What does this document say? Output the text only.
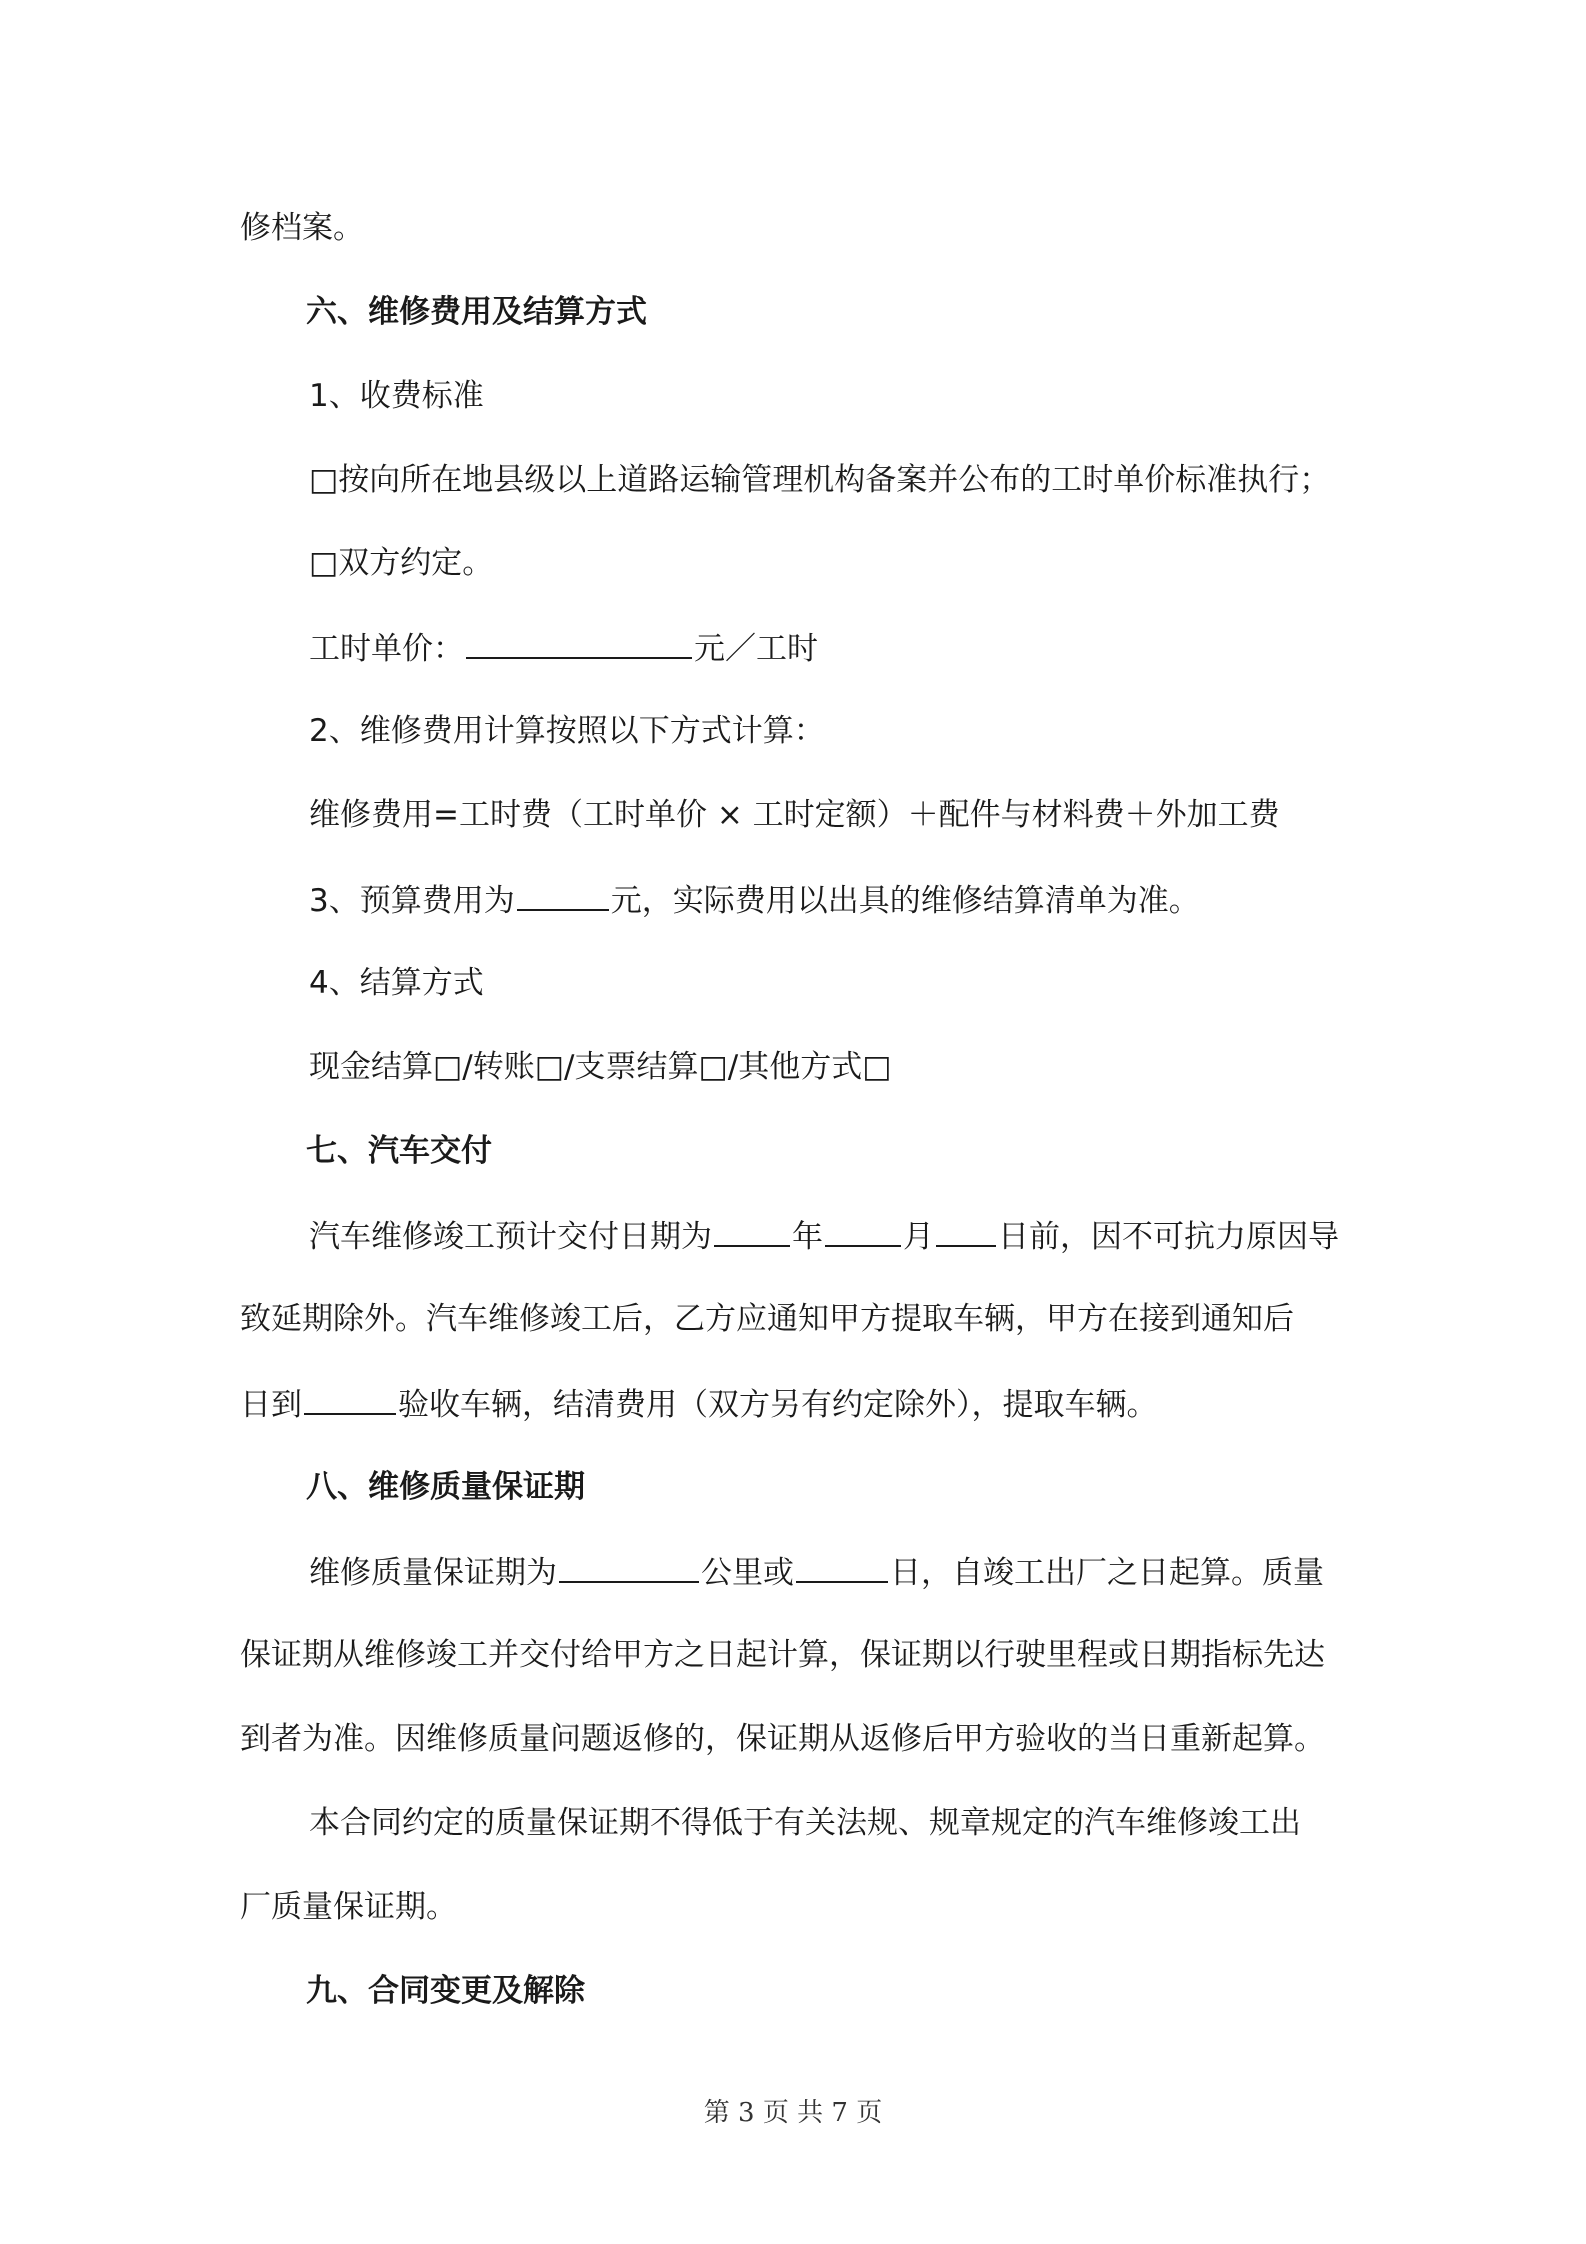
修档案。
六、维修费用及结算方式
1、收费标准
□按向所在地县级以上道路运输管理机构备案并公布的工时单价标准执行；
□双方约定。
工时单价：	元／工时
2、维修费用计算按照以下方式计算：
维修费用=工时费（工时单价 × 工时定额）＋配件与材料费＋外加工费
3、预算费用为	元，实际费用以出具的维修结算清单为准。
4、结算方式
现金结算□/转账□/支票结算□/其他方式□
七、汽车交付
汽车维修竣工预计交付日期为	年	月 日前，因不可抗力原因导
致延期除外。汽车维修竣工后，乙方应通知甲方提取车辆，甲方在接到通知后
日到	验收车辆，结清费用（双方另有约定除外），提取车辆。
八、维修质量保证期
维修质量保证期为	公里或	日，自竣工出厂之日起算。质量
保证期从维修竣工并交付给甲方之日起计算，保证期以行驶里程或日期指标先达
到者为准。因维修质量问题返修的，保证期从返修后甲方验收的当日重新起算。
本合同约定的质量保证期不得低于有关法规、规章规定的汽车维修竣工出
厂质量保证期。
九、合同变更及解除
第 3 页 共 7 页
